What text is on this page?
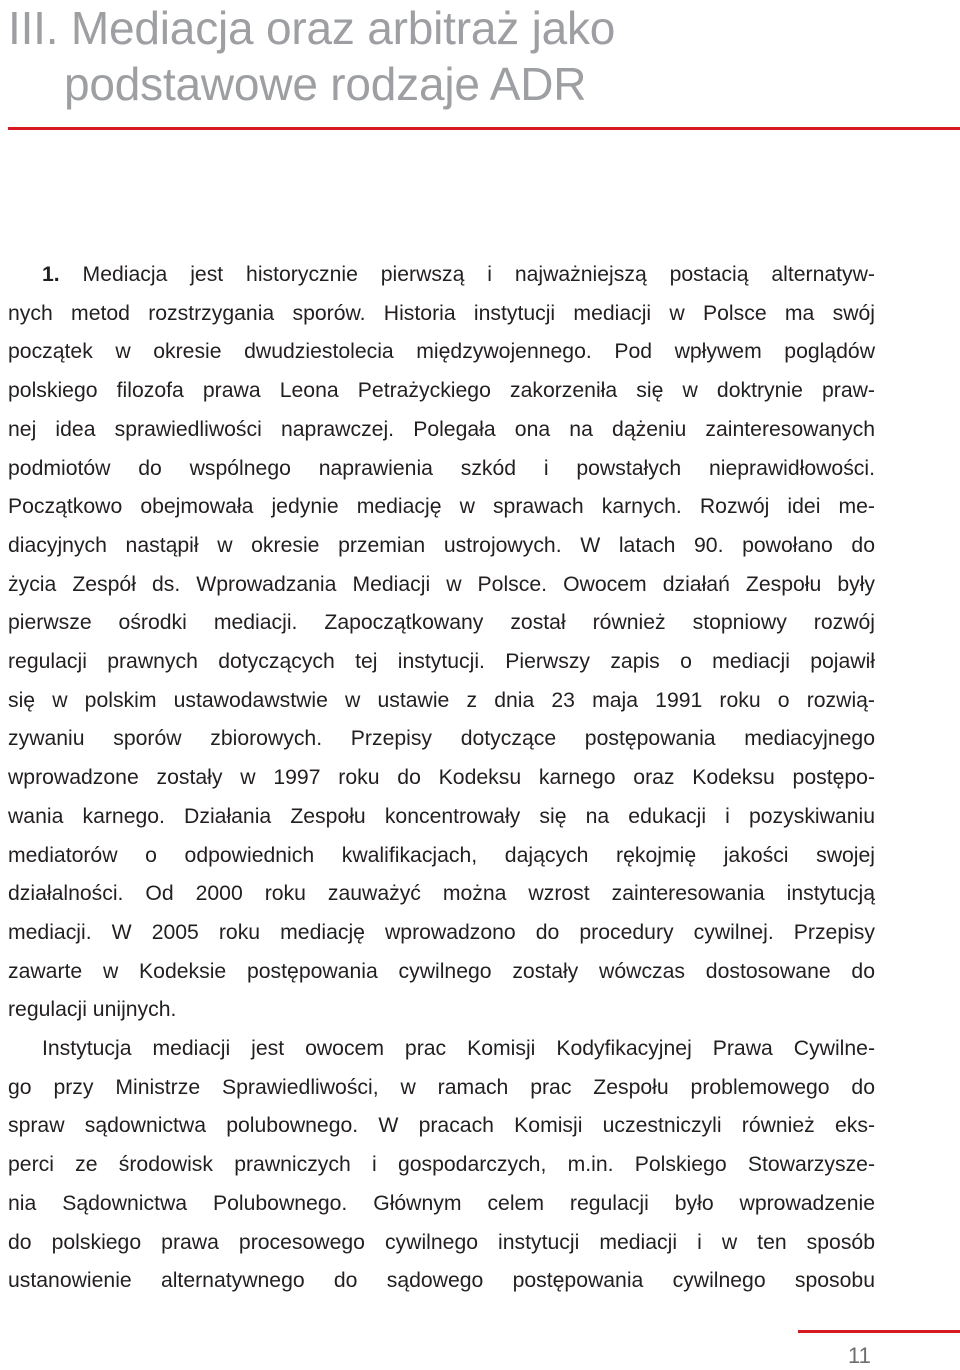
III. Mediacja oraz arbitraż jako
podstawowe rodzaje ADR
1. Mediacja jest historycznie pierwszą i najważniejszą postacią alternatyw-
nych metod rozstrzygania sporów. Historia instytucji mediacji w Polsce ma swój
początek w okresie dwudziestolecia międzywojennego. Pod wpływem poglądów
polskiego filozofa prawa Leona Petrażyckiego zakorzeniła się w doktrynie praw-
nej idea sprawiedliwości naprawczej. Polegała ona na dążeniu zainteresowanych
podmiotów do wspólnego naprawienia szkód i powstałych nieprawidłowości.
Początkowo obejmowała jedynie mediację w sprawach karnych. Rozwój idei me-
diacyjnych nastąpił w okresie przemian ustrojowych. W latach 90. powołano do
życia Zespół ds. Wprowadzania Mediacji w Polsce. Owocem działań Zespołu były
pierwsze ośrodki mediacji. Zapoczątkowany został również stopniowy rozwój
regulacji prawnych dotyczących tej instytucji. Pierwszy zapis o mediacji pojawił
się w polskim ustawodawstwie w ustawie z dnia 23 maja 1991 roku o rozwią-
zywaniu sporów zbiorowych. Przepisy dotyczące postępowania mediacyjnego
wprowadzone zostały w 1997 roku do Kodeksu karnego oraz Kodeksu postępo-
wania karnego. Działania Zespołu koncentrowały się na edukacji i pozyskiwaniu
mediatorów o odpowiednich kwalifikacjach, dających rękojmię jakości swojej
działalności. Od 2000 roku zauważyć można wzrost zainteresowania instytucją
mediacji. W 2005 roku mediację wprowadzono do procedury cywilnej. Przepisy
zawarte w Kodeksie postępowania cywilnego zostały wówczas dostosowane do
regulacji unijnych.
Instytucja mediacji jest owocem prac Komisji Kodyfikacyjnej Prawa Cywilne-
go przy Ministrze Sprawiedliwości, w ramach prac Zespołu problemowego do
spraw sądownictwa polubownego. W pracach Komisji uczestniczyli również eks-
perci ze środowisk prawniczych i gospodarczych, m.in. Polskiego Stowarzysze-
nia Sądownictwa Polubownego. Głównym celem regulacji było wprowadzenie
do polskiego prawa procesowego cywilnego instytucji mediacji i w ten sposób
ustanowienie alternatywnego do sądowego postępowania cywilnego sposobu
11
